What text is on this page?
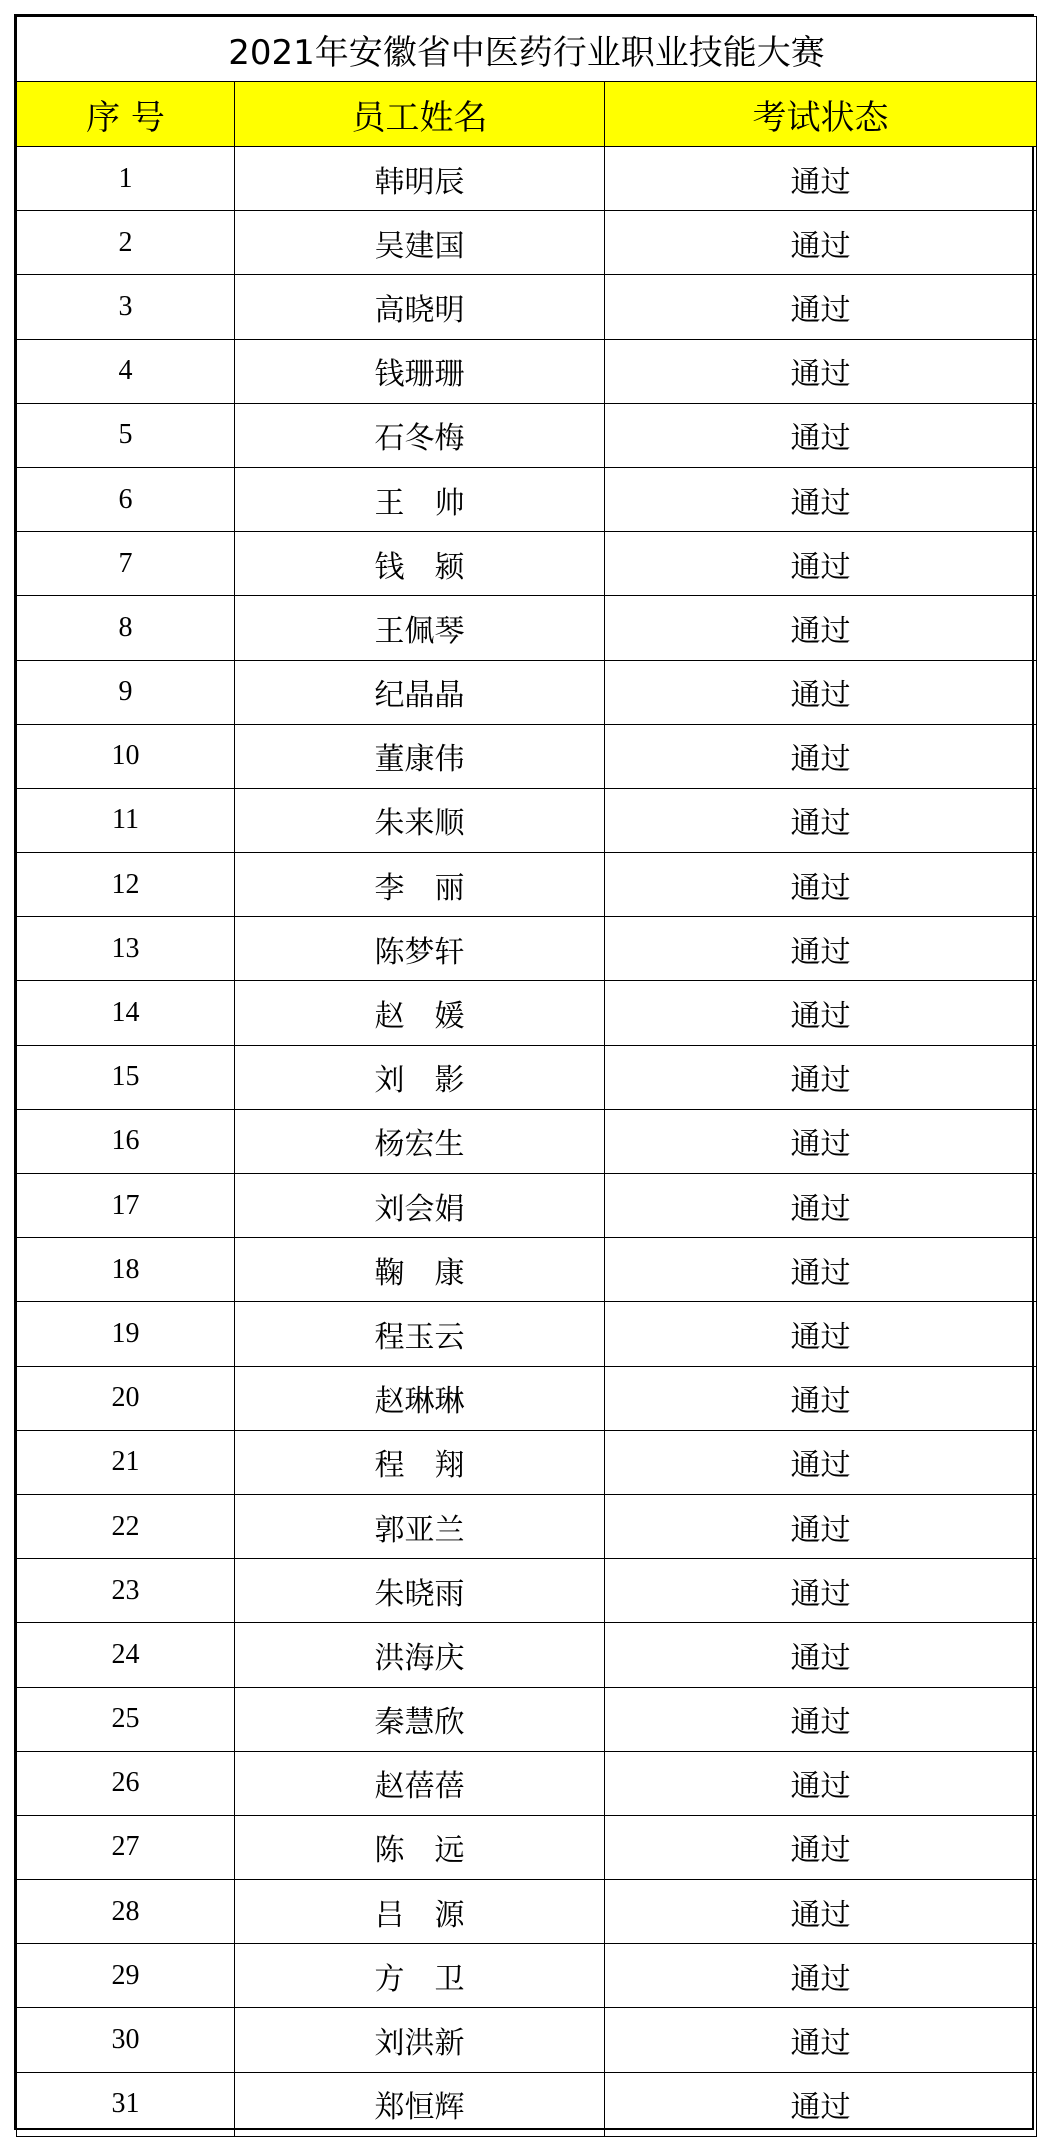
2021年安徽省中医药行业职业技能大赛		
序 号	员工姓名	考试状态
1	韩明辰	通过
2	吴建国	通过
3	高晓明	通过
4	钱珊珊	通过
5	石冬梅	通过
6	王　帅	通过
7	钱　颍	通过
8	王佩琴	通过
9	纪晶晶	通过
10	董康伟	通过
11	朱来顺	通过
12	李　丽	通过
13	陈梦轩	通过
14	赵　媛	通过
15	刘　影	通过
16	杨宏生	通过
17	刘会娟	通过
18	鞠　康	通过
19	程玉云	通过
20	赵琳琳	通过
21	程　翔	通过
22	郭亚兰	通过
23	朱晓雨	通过
24	洪海庆	通过
25	秦慧欣	通过
26	赵蓓蓓	通过
27	陈　远	通过
28	吕　源	通过
29	方　卫	通过
30	刘洪新	通过
31	郑恒辉	通过
